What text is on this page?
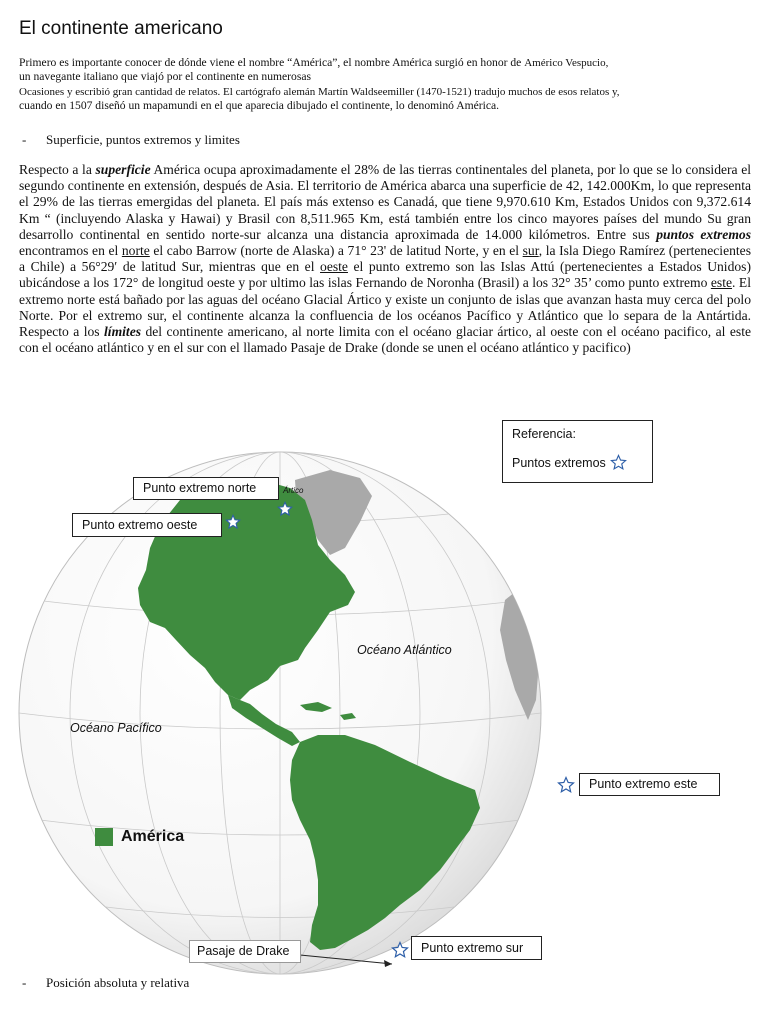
El continente americano
Primero es importante conocer de dónde viene el nombre “América”, el nombre América surgió en honor de Américo Vespucio,
un navegante italiano que viajó por el continente en numerosas
Ocasiones y escribió gran cantidad de relatos. El cartógrafo alemán Martín Waldseemiller (1470-1521) tradujo muchos de esos relatos y,
cuando en 1507 diseñó un mapamundi en el que aparecia dibujado el continente, lo denominó América.
- Superficie, puntos extremos y limites
Respecto a la superficie América ocupa aproximadamente el 28% de las tierras continentales del planeta, por lo que se lo considera el segundo continente en extensión, después de Asia. El territorio de América abarca una superficie de 42, 142.000Km, lo que representa el 29% de las tierras emergidas del planeta. El país más extenso es Canadá, que tiene 9,970.610 Km, Estados Unidos con 9,372.614 Km “ (incluyendo Alaska y Hawai) y Brasil con 8,511.965 Km, está también entre los cinco mayores países del mundo Su gran desarrollo continental en sentido norte-sur alcanza una distancia aproximada de 14.000 kilómetros. Entre sus puntos extremos encontramos en el norte el cabo Barrow (norte de Alaska) a 71° 23' de latitud Norte, y en el sur, la Isla Diego Ramírez (pertenecientes a Chile) a 56°29′ de latitud Sur, mientras que en el oeste el punto extremo son las Islas Attú (pertenecientes a Estados Unidos) ubicándose a los 172° de longitud oeste y por ultimo las islas Fernando de Noronha (Brasil) a los 32° 35’ como punto extremo este. El extremo norte está bañado por las aguas del océano Glacial Ártico y existe un conjunto de islas que avanzan hasta muy cerca del polo Norte. Por el extremo sur, el continente alcanza la confluencia de los océanos Pacífico y Atlántico que lo separa de la Antártida. Respecto a los límites del continente americano, al norte limita con el océano glaciar ártico, al oeste con el océano pacifico, al este con el océano atlántico y en el sur con el llamado Pasaje de Drake (donde se unen el océano atlántico y pacifico)
Océano Atlántico
Océano Pacífico
Ártico
América
Referencia:
Puntos extremos
Punto extremo norte
Punto extremo oeste
Punto extremo este
Punto extremo sur
Pasaje de Drake
- Posición absoluta y relativa
